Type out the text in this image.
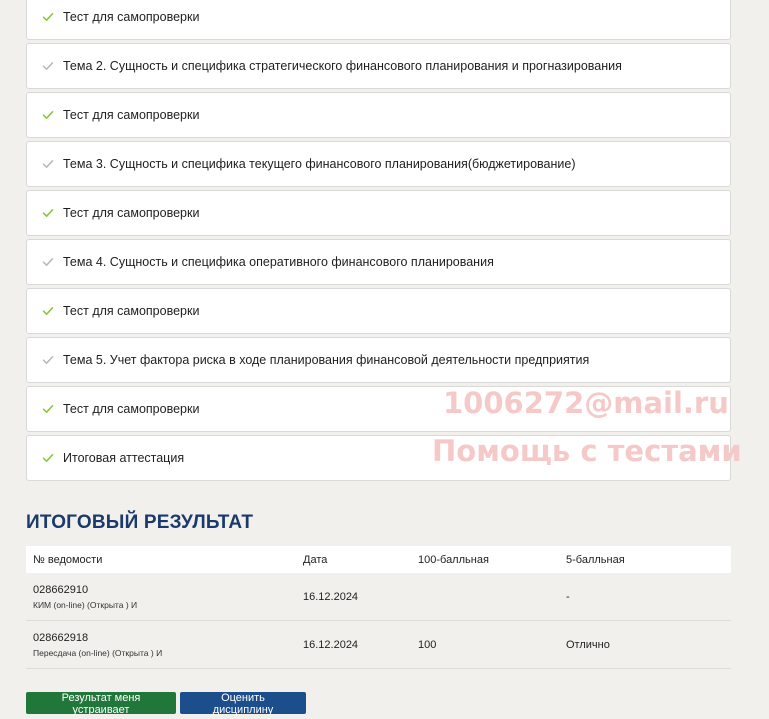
Тест для самопроверки
Тема 2. Сущность и специфика стратегического финансового планирования и прогназирования
Тест для самопроверки
Тема 3. Сущность и специфика текущего финансового планирования(бюджетирование)
Тест для самопроверки
Тема 4. Сущность и специфика оперативного финансового планирования
Тест для самопроверки
Тема 5. Учет фактора риска в ходе планирования финансовой деятельности предприятия
Тест для самопроверки
Итоговая аттестация
1006272@mail.ru
Помощь с тестами
ИТОГОВЫЙ РЕЗУЛЬТАТ
№ ведомости	Дата	100-балльная	5-балльная

028662910
КИМ (on-line) (Открыта ) И	16.12.2024		-

028662918
Пересдача (on-line) (Открыта ) И	16.12.2024	100	Отлично
Результат меня устраивает
Оценить дисциплину
